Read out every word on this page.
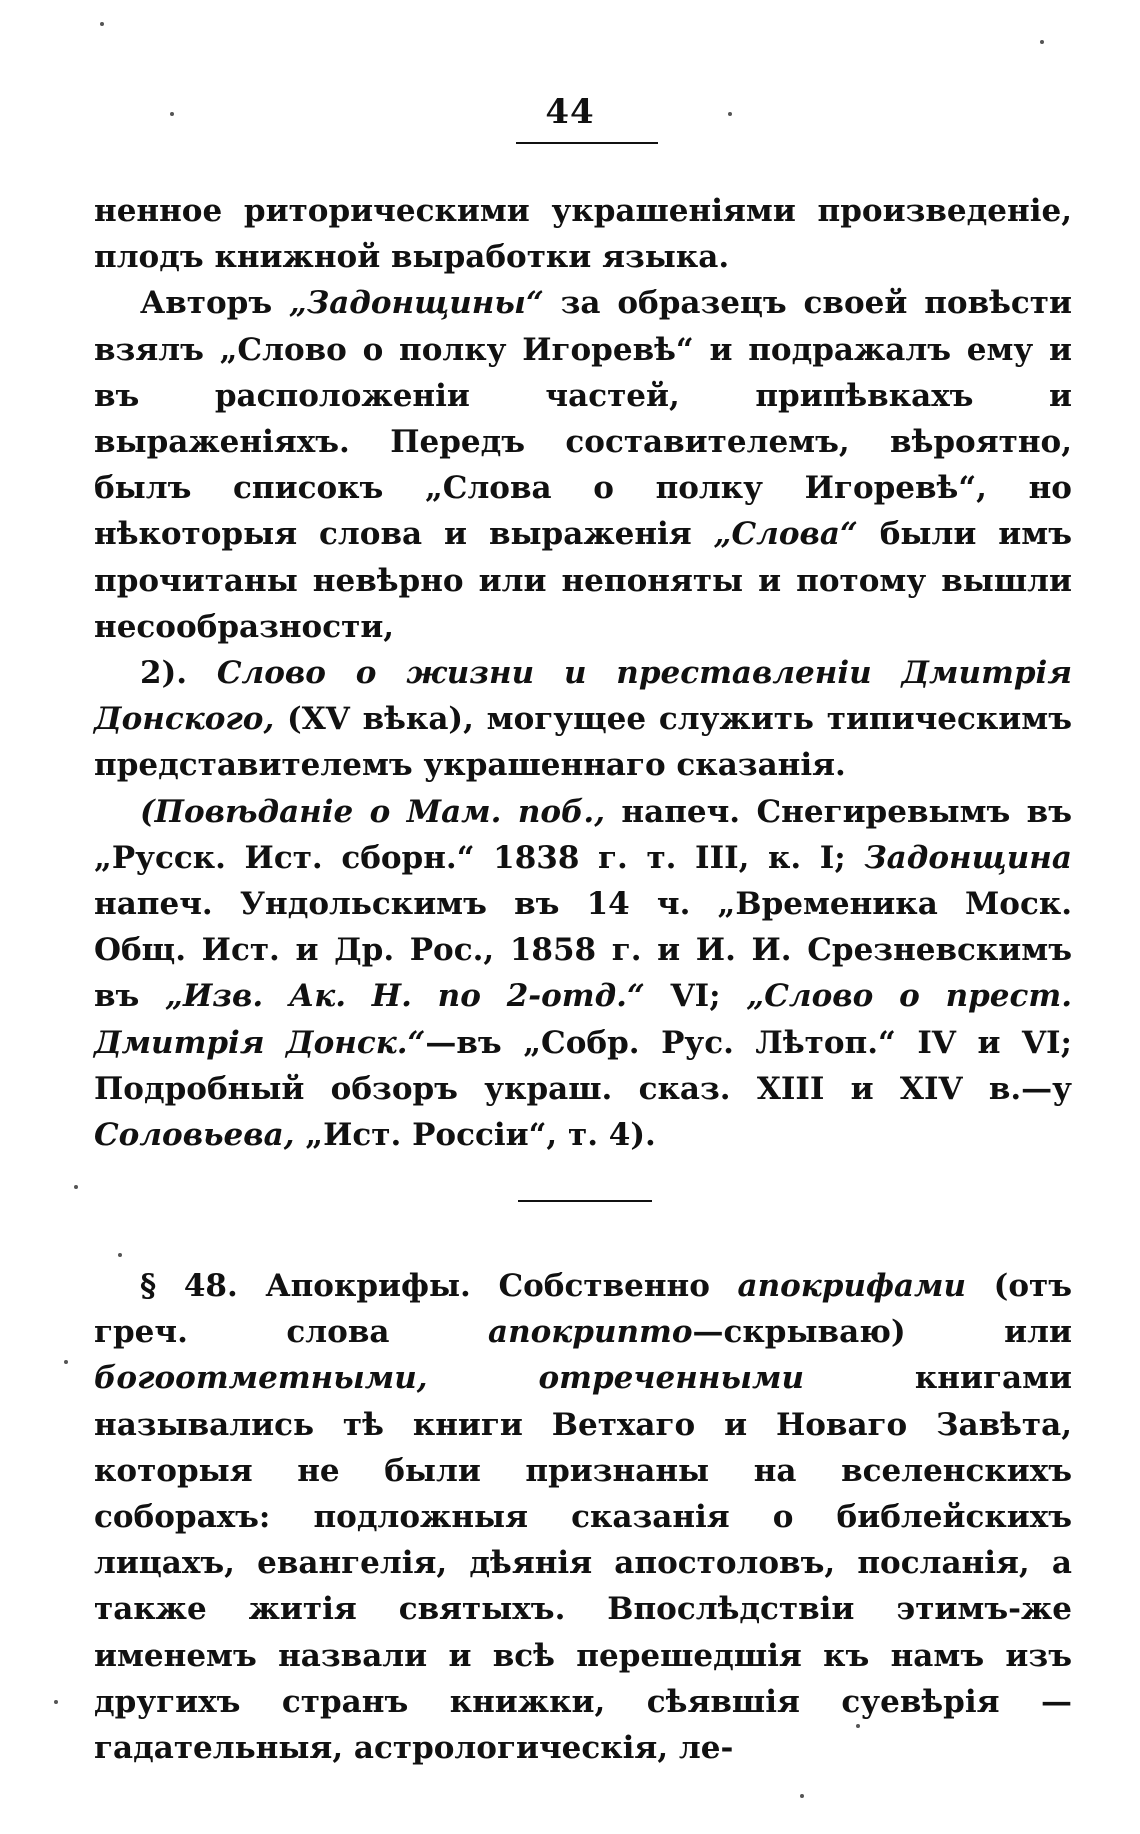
44

ненное риторическими украшеніями произведеніе, плодъ книжной выработки языка.

Авторъ „Задонщины“ за образецъ своей повѣсти взялъ „Слово о полку Игоревѣ“ и подражалъ ему и въ расположеніи частей, припѣвкахъ и выраженіяхъ. Передъ составителемъ, вѣроятно, былъ списокъ „Слова о полку Игоревѣ“, но нѣкоторыя слова и выраженія „Слова“ были имъ прочитаны невѣрно или непоняты и потому вышли несообразности,

2). Слово о жизни и преставленіи Дмитрія Донского, (XV вѣка), могущее служить типическимъ представителемъ украшеннаго сказанія.

(Повѣданіе о Мам. поб., напеч. Снегиревымъ въ „Русск. Ист. сборн.“ 1838 г. т. III, к. I; Задонщина напеч. Ундольскимъ въ 14 ч. „Временика Моск. Общ. Ист. и Др. Рос., 1858 г. и И. И. Срезневскимъ въ „Изв. Ак. Н. по 2-отд.“ VI; „Слово о прест. Дмитрія Донск.“—въ „Собр. Рус. Лѣтоп.“ IV и VI; Подробный обзоръ украш. сказ. XIII и XIV в.—у Соловьева, „Ист. Россіи“, т. 4).

§ 48. Апокрифы. Собственно апокрифами (отъ греч. слова апокрипто—скрываю) или богоотметными, отреченными книгами назывались тѣ книги Ветхаго и Новаго Завѣта, которыя не были признаны на вселенскихъ соборахъ: подложныя сказанія о библейскихъ лицахъ, евангелія, дѣянія апостоловъ, посланія, а также житія святыхъ. Впослѣдствіи этимъ-же именемъ назвали и всѣ перешедшія къ намъ изъ другихъ странъ книжки, сѣявшія суевѣрія — гадательныя, астрологическія, ле-
